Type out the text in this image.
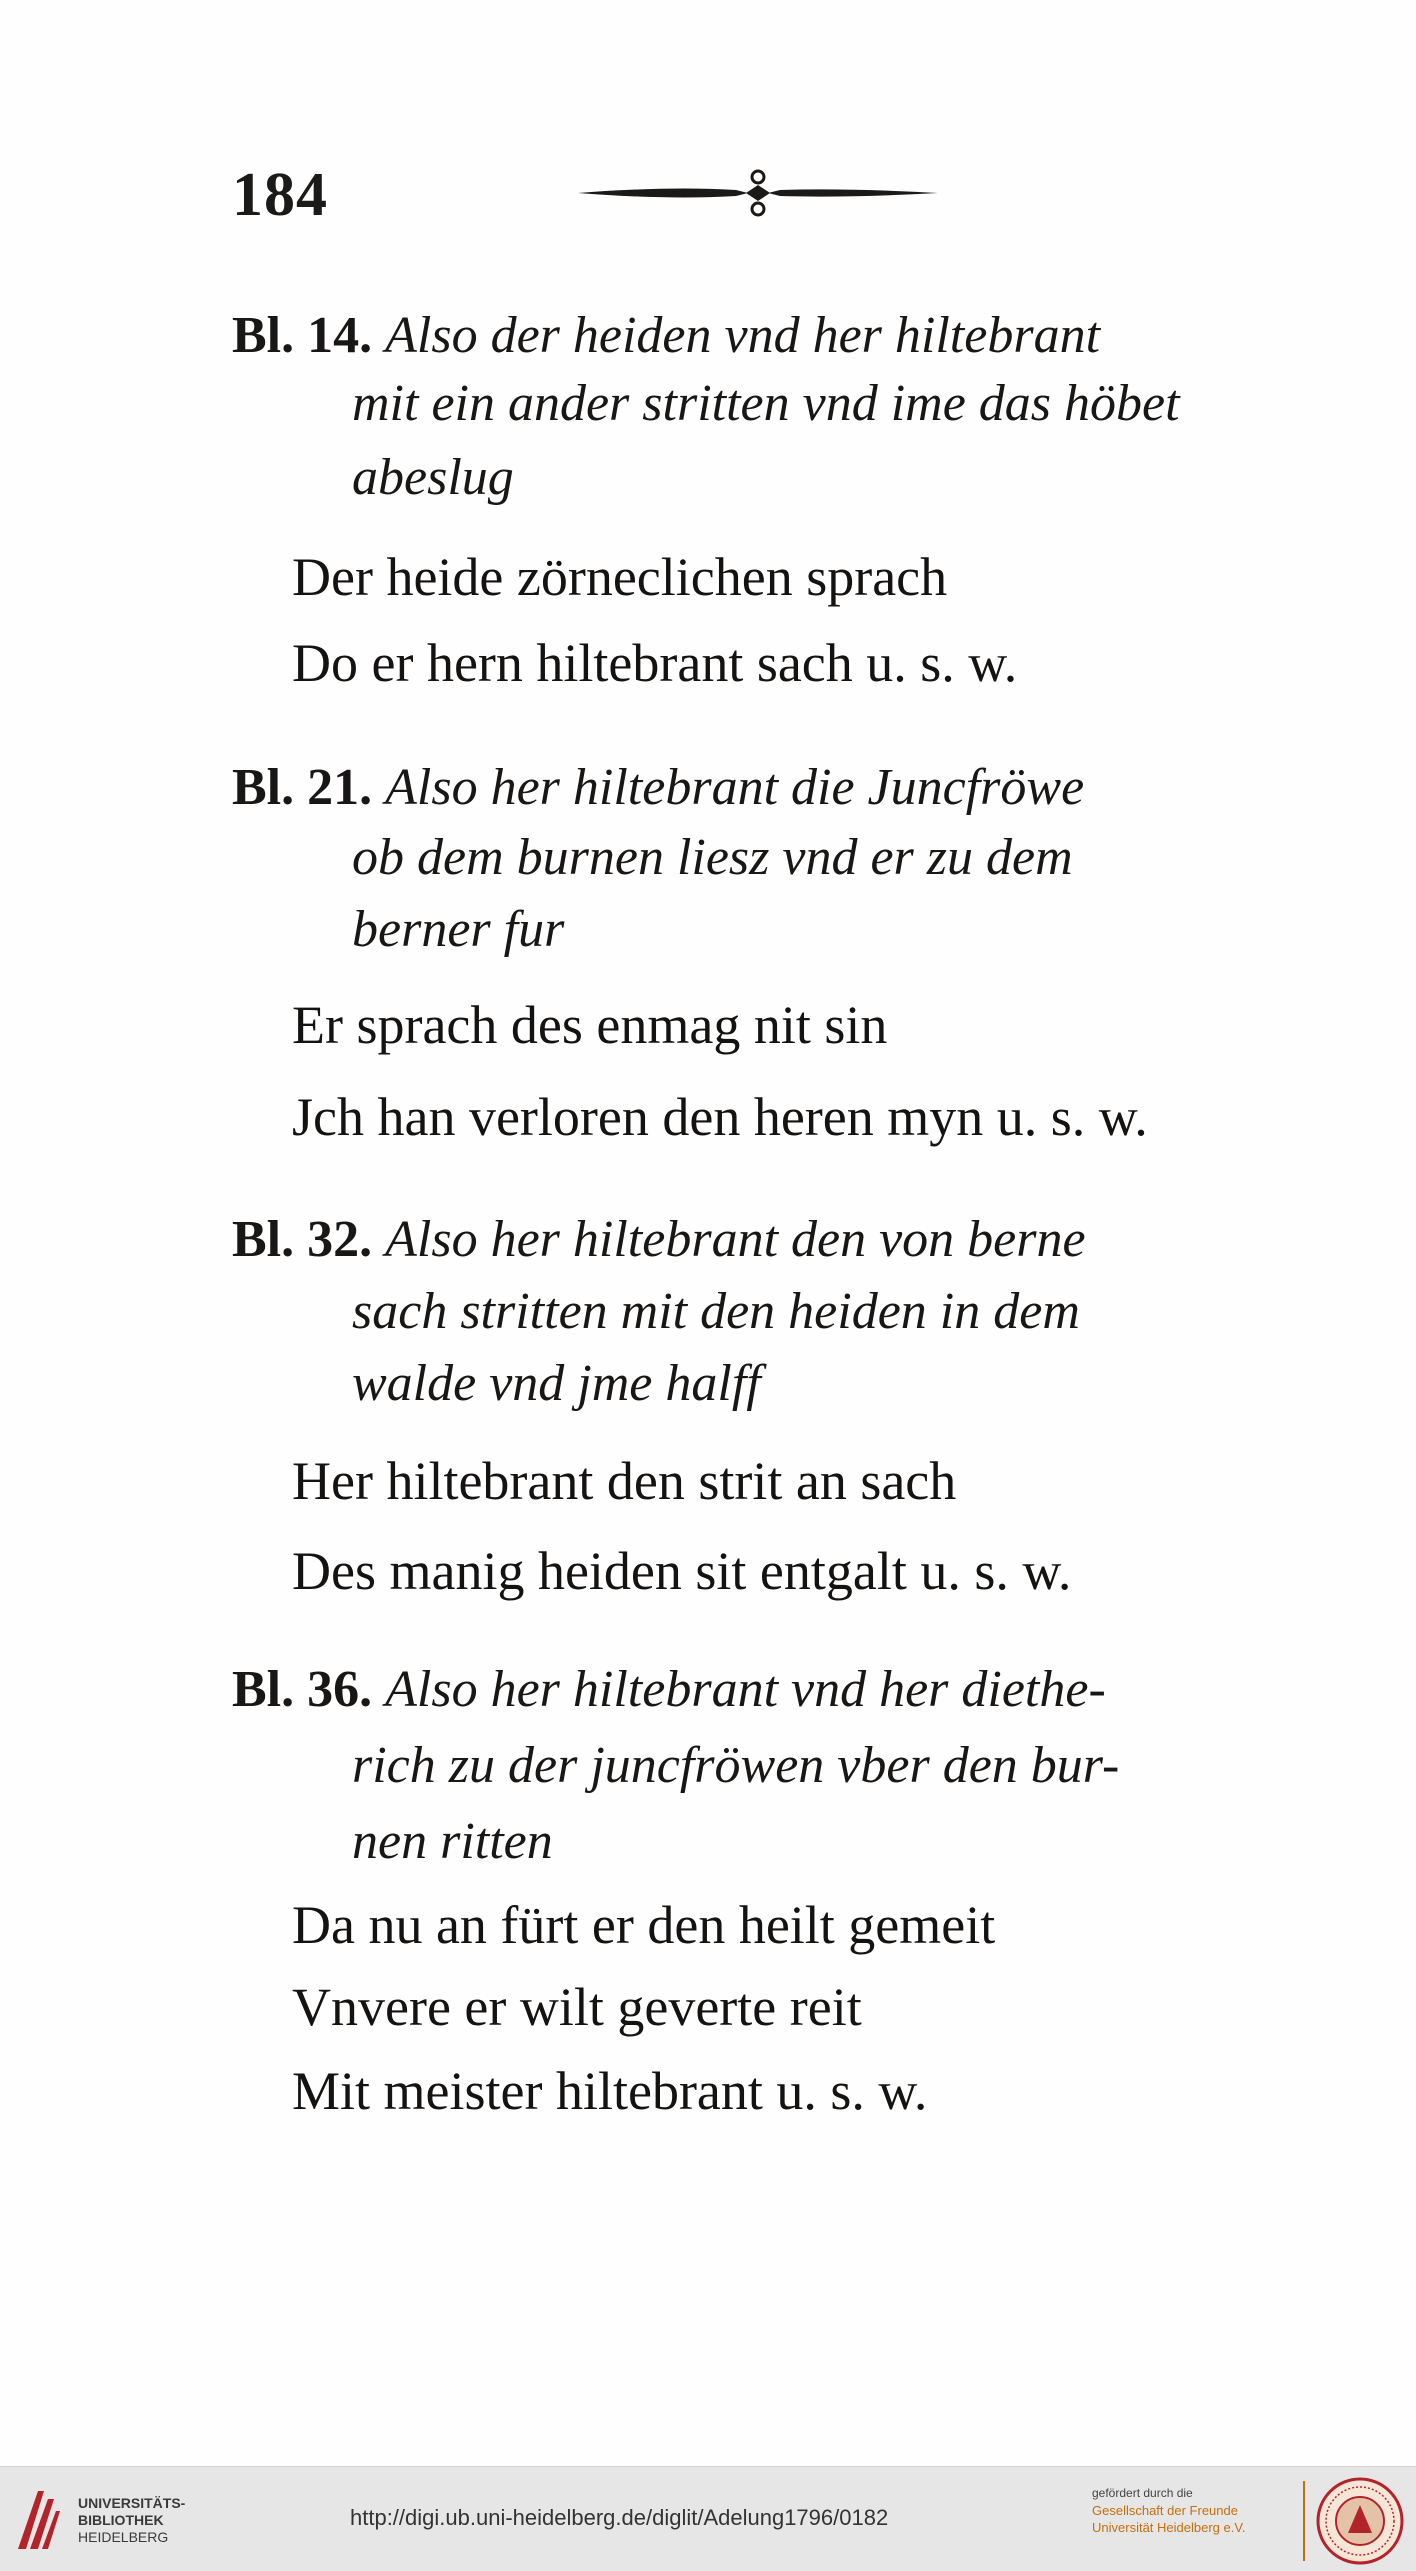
184
Bl. 14. Also der heiden vnd her hiltebrant
mit ein ander stritten vnd ime das höbet
abeslug
Der heide zörneclichen sprach
Do er hern hiltebrant sach u. s. w.
Bl. 21. Also her hiltebrant die Juncfröwe
ob dem burnen liesz vnd er zu dem
berner fur
Er sprach des enmag nit sin
Jch han verloren den heren myn u. s. w.
Bl. 32. Also her hiltebrant den von berne
sach stritten mit den heiden in dem
walde vnd jme halff
Her hiltebrant den strit an sach
Des manig heiden sit entgalt u. s. w.
Bl. 36. Also her hiltebrant vnd her diethe-
rich zu der juncfröwen vber den bur-
nen ritten
Da nu an fürt er den heilt gemeit
Vnvere er wilt geverte reit
Mit meister hiltebrant u. s. w.
UNIVERSITÄTS-
BIBLIOTHEK
HEIDELBERG
http://digi.ub.uni-heidelberg.de/diglit/Adelung1796/0182
gefördert durch die
Gesellschaft der Freunde
Universität Heidelberg e.V.
